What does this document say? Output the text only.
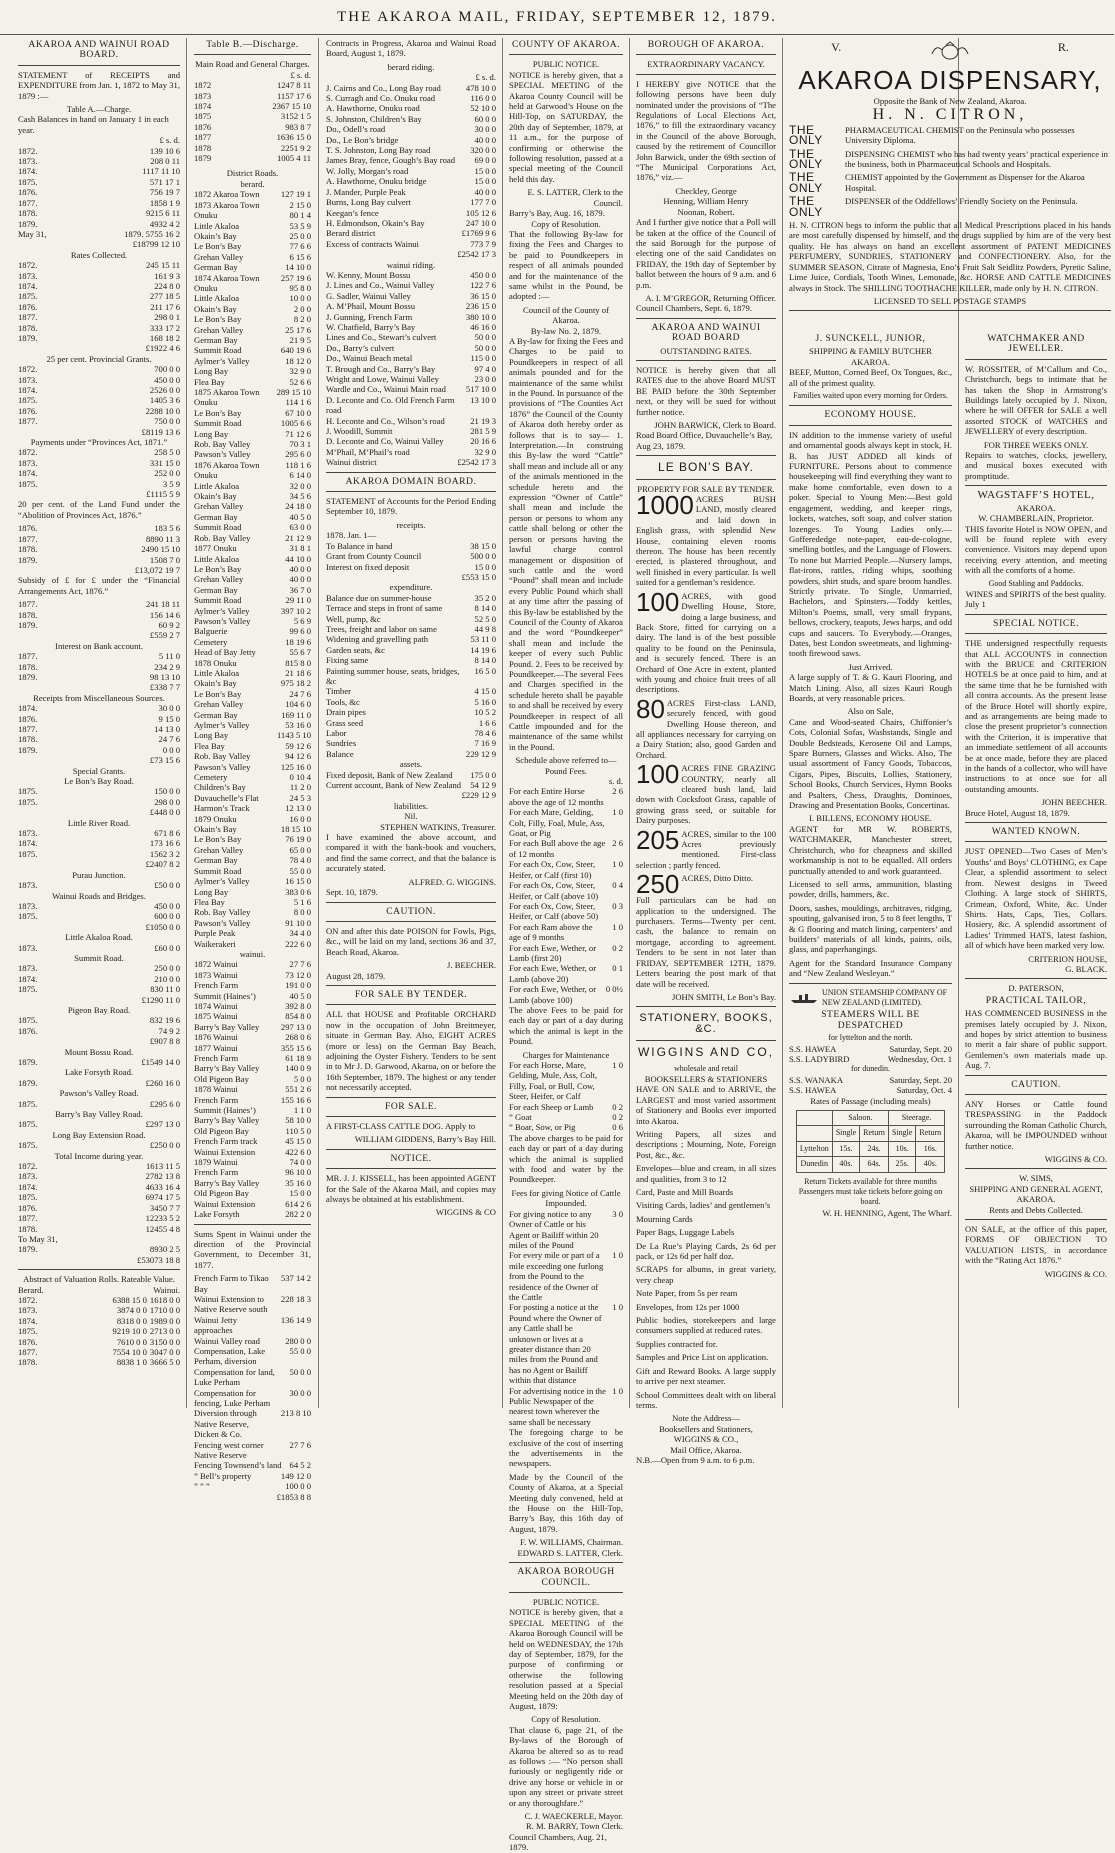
THE AKAROA MAIL, FRIDAY, SEPTEMBER 12, 1879.
AKAROA AND WAINUI ROAD BOARD.

STATEMENT of RECEIPTS and EXPENDITURE from Jan. 1, 1872 to May 31, 1879 :—

Table A.—Charge.
Cash Balances in hand on January 1 in each year.
£ s. d.
1872.	139 10 6
1873.	208 0 11
1874.	1117 11 10
1875.	571 17 1
1876.	756 19 7
1877.	1858 1 9
1878.	9215 6 11
1879.	4932 4 2
May 31,	1879. 5755 16 2
£18799 12 10
Rates Collected.
1872.	245 15 11
1873.	161 9 3
1874.	224 8 0
1875.	277 18 5
1876.	211 17 6
1877.	298 0 1
1878.	333 17 2
1879.	168 18 2
£1922 4 6
25 per cent. Provincial Grants.
1872.	700 0 0
1873.	450 0 0
1874.	2526 0 0
1875.	1405 3 6
1876.	2288 10 0
1877.	750 0 0
£8119 13 6
Payments under “Provinces Act, 1871.”
1872.	258 5 0
1873.	331 15 0
1874.	252 0 0
1875.	3 5 9
£1115 5 9

20 per cent. of the Land Fund under the “Abolition of Provinces Act, 1876.”

1876.	183 5 6
1877.	8890 11 3
1878.	2490 15 10
1879.	1508 7 0
£13,072 19 7

Subsidy of £ for £ under the “Financial Arrangements Act, 1876.”

1877.	241 18 11
1878.	156 14 6
1879.	60 9 2
£559 2 7
Interest on Bank account.
1877.	5 11 0
1878.	234 2 9
1879.	98 13 10
£338 7 7
Receipts from Miscellaneous Sources.
1874.	30 0 0
1876.	9 15 0
1877.	14 13 0
1878.	24 7 6
1879.	0 0 0
£73 15 6
Special Grants.
Le Bon’s Bay Road.
1875.	150 0 0
1875.	298 0 0
£448 0 0
Little River Road.
1873.	671 8 6
1874.	173 16 6
1875.	1562 3 2
£2407 8 2
Purau Junction.
1873.	£50 0 0
Wainui Roads and Bridges.
1873.	450 0 0
1875.	600 0 0
£1050 0 0
Little Akaloa Road.
1873.	£60 0 0
Summit Road.
1873.	250 0 0
1874.	210 0 0
1875.	830 11 0
£1290 11 0
Pigeon Bay Road.
1875.	832 19 6
1876.	74 9 2
£907 8 8
Mount Bossu Road.
1879.	£1549 14 0
Lake Forsyth Road.
1879.	£260 16 0
Pawson’s Valley Road.
1875.	£295 6 0
Barry’s Bay Valley Road.
1875.	£297 13 0
Long Bay Extension Road.
1875.	£250 0 0
Total Income during year.
1872.	1613 11 5
1873.	2782 13 8
1874.	4633 16 4
1875.	6974 17 5
1876.	3450 7 7
1877.	12233 5 2
1878.	12455 4 8
To May 31,
1879.	8930 2 5
£53073 18 8
Abstract of Valuation Rolls. Rateable Value.
Berard.	Wainui.
1872.	6388 15 0 1618 0 0
1873.	3874 0 0 1710 0 0
1874.	8318 0 0 1989 0 0
1875.	9219 10 0 2713 0 0
1876.	7610 0 0 3150 0 0
1877.	7554 10 0 3047 0 0
1878.	8838 1 0 3666 5 0
Table B.—Discharge.
Main Road and General Charges.
£ s. d.
1872	1247 8 11
1873	1157 17 6
1874	2367 15 10
1875	3152 1 5
1876	983 8 7
1877	1636 15 0
1878	2251 9 2
1879	1005 4 11
District Roads.
berard.
1872 Akaroa Town	127 19 1
1873 Akaroa Town	2 15 0
Onuku	80 1 4
Little Akaloa	53 5 9
Okain’s Bay	25 0 0
Le Bon’s Bay	77 6 6
Grehan Valley	6 15 6
German Bay	14 10 0
1874 Akaroa Town	257 19 6
Onuku	95 8 0
Little Akaloa	10 0 0
Okain’s Bay	2 0 0
Le Bon’s Bay	8 2 0
Grehan Valley	25 17 6
German Bay	21 9 5
Summit Road	640 19 6
Aylmer’s Valley	18 12 0
Long Bay	32 9 0
Flea Bay	52 6 6
1875 Akaroa Town	289 15 10
Onuku	114 1 6
Le Bon’s Bay	67 10 0
Summit Road	1005 6 6
Long Bay	71 12 6
Rob. Bay Valley	70 3 1
Pawson’s Valley	295 6 0
1876 Akaroa Town	118 1 6
Onuku	6 14 0
Little Akaloa	32 0 0
Okain’s Bay	34 5 6
Grehan Valley	24 18 0
German Bay	40 5 0
Summit Road	63 0 0
Rob. Bay Valley	21 12 9
1877 Onuku	31 8 1
Little Akaloa	44 10 0
Le Bon’s Bay	40 0 0
Grehan Valley	40 0 0
German Bay	36 7 0
Summit Road	29 11 0
Aylmer’s Valley	397 10 2
Pawson’s Valley	5 6 9
Balguerie	99 6 0
Cemetery	18 19 6
Head of Bay Jetty	55 6 7
1878 Onuku	815 8 0
Little Akaloa	21 18 6
Okain’s Bay	975 18 2
Le Bon’s Bay	24 7 6
Grehan Valley	104 6 0
German Bay	169 11 0
Aylmer’s Valley	53 16 0
Long Bay	1143 5 10
Flea Bay	59 12 6
Rob. Bay Valley	94 12 6
Pawson’s Valley	125 16 0
Cemetery	0 10 4
Children’s Bay	11 2 0
Duvauchelle’s Flat	24 5 3
Harmon’s Track	12 13 0
1879 Onuku	16 0 0
Okain’s Bay	18 15 10
Le Bon’s Bay	76 19 0
Grehan Valley	65 0 0
German Bay	78 4 0
Summit Road	55 0 0
Aylmer’s Valley	16 15 0
Long Bay	383 0 6
Flea Bay	5 1 6
Rob. Bay Valley	8 0 0
Pawson’s Valley	91 10 0
Purple Peak	34 4 0
Waikerakeri	222 6 0
wainui.
1872 Wainui	27 7 6
1873 Wainui	73 12 0
French Farm	191 0 0
Summit (Haines’)	40 5 0
1874 Wainui	392 8 0
1875 Wainui	854 8 0
Barry’s Bay Valley	297 13 0
1876 Wainui	268 0 6
1877 Wainui	355 15 6
French Farm	61 18 9
Barry’s Bay Valley	140 0 9
Old Pigeon Bay	5 0 0
1878 Wainui	551 2 6
French Farm	155 16 6
Summit (Haines’)	1 1 0
Barry’s Bay Valley	58 10 0
Old Pigeon Bay	110 5 0
French Farm track	45 15 0
Wainui Extension	422 6 0
1879 Wainui	74 0 0
French Farm	96 10 0
Barry’s Bay Valley	35 16 0
Old Pigeon Bay	15 0 0
Wainui Extension	614 2 6
Lake Forsyth	282 2 0

Sums Spent in Wainui under the direction of the Provincial Government, to December 31, 1877.

French Farm to Tikao Bay
537 14 2
Wainui Extension to Native Reserve south
228 18 3
Wainui Jetty approaches
136 14 9
Wainui Valley road	280 0 0
Compensation, Lake Perham, diversion
55 0 0
Compensation for land, Luke Perham
50 0 0
Compensation for fencing, Luke Perham
30 0 0
Diversion through Native Reserve, Dicken & Co.
213 8 10
Fencing west corner Native Reserve
27 7 6
Fencing Townsend’s land 64 5 2
” Bell’s property	149 12 0
” ” ”	100 0 0
£1853 8 8

Contracts in Progress, Akaroa and Wainui Road Board, August 1, 1879.

berard riding.
£ s. d.
J. Cairns and Co., Long Bay road	478 10 0
S. Curragh and Co. Onuku road	116 0 0
A. Hawthorne, Onuku road	52 10 0
S. Johnston, Children’s Bay	60 0 0
Do., Odell’s road	30 0 0
Do., Le Bon’s bridge	40 0 0
T. S. Johnston, Long Bay road	320 0 0
James Bray, fence, Gough’s Bay road	69 0 0
W. Jolly, Morgan’s road	15 0 0
A. Hawthorne, Onuku bridge	15 0 0
J. Mander, Purple Peak	40 0 0
Burns, Long Bay culvert	177 7 0
Keegan’s fence	105 12 6
H. Edmondson, Okain’s Bay	247 10 0
Berard district	£1769 9 6
Excess of contracts Wainui	773 7 9
£2542 17 3
wainui riding.
W. Kenny, Mount Bossu	450 0 0
J. Lines and Co., Wainui Valley	122 7 6
G. Sadler, Wainui Valley	36 15 0
A. M’Phail, Mount Bossu	236 15 0
J. Gunning, French Farm	380 10 0
W. Chatfield, Barry’s Bay	46 16 0
Lines and Co., Stewart’s culvert	50 0 0
Do., Barry’s culvert	50 0 0
Do., Wainui Beach metal	115 0 0
T. Brough and Co., Barry’s Bay	97 4 0
Wright and Lowe, Wainui Valley	23 0 0
Wardle and Co., Wainui Main road	517 10 0
D. Leconte and Co. Old French Farm road
13 10 0
H. Leconte and Co., Wilson’s road	21 19 3
J. Woodill, Summit	281 5 9
D. Leconte and Co, Wainui Valley	20 16 6
M’Phail, M’Phail’s road	32 9 0
Wainui district	£2542 17 3
AKAROA DOMAIN BOARD.

STATEMENT of Accounts for the Period Ending September 10, 1879.

receipts.
1878. Jan. 1—
To Balance in hand	38 15 0
Grant from County Council	500 0 0
Interest on fixed deposit	15 0 0
£553 15 0
expenditure.
Balance due on summer-house	35 2 0
Terrace and steps in front of same	8 14 0
Well, pump, &c	52 5 0
Trees, freight and labor on same	44 9 8
Widening and gravelling path	53 11 0
Garden seats, &c	14 19 6
Fixing same	8 14 0
Painting summer house, seats, bridges, &c
16 5 0
Timber	4 15 0
Tools, &c	5 16 0
Drain pipes	10 5 2
Grass seed	1 6 6
Labor	78 4 6
Sundries	7 16 9
Balance	229 12 9
assets.
Fixed deposit, Bank of New Zealand	175 0 0
Current account, Bank of New Zealand	54 12 9
£229 12 9
liabilities.
Nil.
STEPHEN WATKINS, Treasurer.

I have examined the above account, and compared it with the bank-book and vouchers, and find the same correct, and that the balance is accurately stated.

ALFRED. G. WIGGINS.
Sept. 10, 1879.
CAUTION.

ON and after this date POISON for Fowls, Pigs, &c., will be laid on my land, sections 36 and 37, Beach Road, Akaroa.

J. BEECHER.
August 28, 1879.
FOR SALE BY TENDER.

ALL that HOUSE and Profitable ORCHARD now in the occupation of John Breitmeyer, situate in German Bay. Also, EIGHT ACRES (more or less) on the German Bay Beach, adjoining the Oyster Fishery. Tenders to be sent in to Mr J. D. Garwood, Akaroa, on or before the 16th September, 1879. The highest or any tender not necessarily accepted.

FOR SALE.

A FIRST-CLASS CATTLE DOG. Apply to

WILLIAM GIDDENS, Barry’s Bay Hill.
NOTICE.

MR. J. J. KISSELL, has been appointed AGENT for the Sale of the Akaroa Mail, and copies may always be obtained at his establishment.

WIGGINS & CO
COUNTY OF AKAROA.
PUBLIC NOTICE.

NOTICE is hereby given, that a SPECIAL MEETING of the Akaroa County Council will be held at Garwood’s House on the Hill-Top, on SATURDAY, the 20th day of September, 1879, at 11 a.m., for the purpose of confirming or otherwise the following resolution, passed at a special meeting of the Council held this day.

E. S. LATTER, Clerk to the Council.
Barry’s Bay, Aug. 16, 1879.
Copy of Resolution.

That the following By-law for fixing the Fees and Charges to be paid to Poundkeepers in respect of all animals pounded and for the maintenance of the same whilst in the Pound, be adopted :—

Council of the County of Akaroa.
By-law No. 2, 1879.

A By-law for fixing the Fees and Charges to be paid to Poundkeepers in respect of all animals pounded and for the maintenance of the same whilst in the Pound. In pursuance of the provisions of “The Counties Act 1876” the Council of the County of Akaroa doth hereby order as follows that is to say— 1. Interpretation.—In construing this By-law the word “Cattle” shall mean and include all or any of the animals mentioned in the schedule hereto and the expression “Owner of Cattle” shall mean and include the person or persons to whom any cattle shall belong or other the person or persons having the lawful charge control management or disposition of such cattle and the word “Pound” shall mean and include every Public Pound which shall at any time after the passing of this By-law be established by the Council of the County of Akaroa and the word “Poundkeeper” shall mean and include the keeper of every such Public Pound. 2. Fees to be received by Poundkeeper.—The several Fees and Charges specified in the schedule hereto shall be payable to and shall be received by every Poundkeeper in respect of all Cattle impounded and for the maintenance of the same whilst in the Pound.

Schedule above referred to—
Pound Fees.
s. d.
For each Entire Horse above the age of 12 months
2 6
For each Mare, Gelding, Colt, Filly, Foal, Mule, Ass, Goat, or Pig
1 0
For each Bull above the age of 12 months
2 6
For each Ox, Cow, Steer, Heifer, or Calf (first 10)
1 0
For each Ox, Cow, Steer, Heifer, or Calf (above 10)
0 4
For each Ox, Cow, Steer, Heifer, or Calf (above 50)
0 3
For each Ram above the age of 9 months
1 0
For each Ewe, Wether, or Lamb (first 20)
0 2
For each Ewe, Wether, or Lamb (above 20)
0 1
For each Ewe, Wether, or Lamb (above 100)
0 0½

The above Fees to be paid for each day or part of a day during which the animal is kept in the Pound.

Charges for Maintenance
For each Horse, Mare, Gelding, Mule, Ass, Colt, Filly, Foal, or Bull, Cow, Steer, Heifer, or Calf
1 0
For each Sheep or Lamb	0 2
” Goat	0 2
” Boar, Sow, or Pig	0 6

The above charges to be paid for each day or part of a day during which the animal is supplied with food and water by the Poundkeeper.

Fees for giving Notice of Cattle Impounded.
For giving notice to any Owner of Cattle or his Agent or Bailiff within 20 miles of the Pound
3 0
For every mile or part of a mile exceeding one furlong from the Pound to the residence of the Owner of the Cattle
1 0
For posting a notice at the Pound where the Owner of any Cattle shall be unknown or lives at a greater distance than 20 miles from the Pound and has no Agent or Bailiff within that distance
1 0
For advertising notice in the Public Newspaper of the nearest town wherever the same shall be necessary
1 0

The foregoing charge to be exclusive of the cost of inserting the advertisements in the newspapers.

Made by the Council of the County of Akaroa, at a Special Meeting duly convened, held at the House on the Hill-Top, Barry’s Bay, this 16th day of August, 1879.

F. W. WILLIAMS, Chairman.
EDWARD S. LATTER, Clerk.
AKAROA BOROUGH COUNCIL.
PUBLIC NOTICE.

NOTICE is hereby given, that a SPECIAL MEETING of the Akaroa Borough Council will be held on WEDNESDAY, the 17th day of September, 1879, for the purpose of confirming or otherwise the following resolution passed at a Special Meeting held on the 20th day of August, 1879:

Copy of Resolution.

That clause 6, page 21, of the By-laws of the Borough of Akaroa be altered so as to read as follows :— “No person shall furiously or negligently ride or drive any horse or vehicle in or upon any street or private street or any thoroughfare.”

C. J. WAECKERLE, Mayor.
R. M. BARRY, Town Clerk.
Council Chambers, Aug. 21, 1879.
BOROUGH OF AKAROA.
EXTRAORDINARY VACANCY.

I HEREBY give NOTICE that the following persons have been duly nominated under the provisions of “The Regulations of Local Elections Act, 1876,” to fill the extraordinary vacancy in the Council of the above Borough, caused by the retirement of Councillor John Barwick, under the 69th section of “The Municipal Corporations Act, 1876,” viz.—

Checkley, George
Henning, William Henry
Noonan, Robert.

And I further give notice that a Poll will be taken at the office of the Council of the said Borough for the purpose of electing one of the said Candidates on FRIDAY, the 19th day of September by ballot between the hours of 9 a.m. and 6 p.m.

A. I. M’GREGOR, Returning Officer.
Council Chambers, Sept. 6, 1879.
AKAROA AND WAINUI ROAD BOARD
OUTSTANDING RATES.

NOTICE is hereby given that all RATES due to the above Board MUST BE PAID before the 30th September next, or they will be sued for without further notice.

JOHN BARWICK, Clerk to Board.
Road Board Office, Duvauchelle’s Bay, Aug 23, 1879.
LE BON’S BAY.
PROPERTY FOR SALE BY TENDER.

1000 ACRES BUSH LAND, mostly cleared and laid down in English grass, with splendid New House, containing eleven rooms thereon. The house has been recently erected, is plastered throughout, and well finished in every particular. Is well suited for a gentleman’s residence.

100 ACRES, with good Dwelling House, Store, doing a large business, and Back Store, fitted for carrying on a dairy. The land is of the best possible quality to be found on the Peninsula, and is securely fenced. There is an Orchard of One Acre in extent, planted with young and choice fruit trees of all descriptions.

80 ACRES First-class LAND, securely fenced, with good Dwelling House thereon, and all appliances necessary for carrying on a Dairy Station; also, good Garden and Orchard.

100 ACRES FINE GRAZING COUNTRY, nearly all cleared bush land, laid down with Cocksfoot Grass, capable of growing grass seed, or suitable for Dairy purposes.

205 ACRES, similar to the 100 Acres previously mentioned. First-class selection ; partly fenced.

250 ACRES, Ditto Ditto.

Full particulars can be had on application to the undersigned. The purchasers. Terms—Twenty per cent. cash, the balance to remain on mortgage, according to agreement. Tenders to be sent in not later than FRIDAY, SEPTEMBER 12TH, 1879. Letters bearing the post mark of that date will be received.

JOHN SMITH, Le Bon’s Bay.
STATIONERY, BOOKS, &C.
WIGGINS AND CO,
wholesale and retail
BOOKSELLERS & STATIONERS

HAVE ON SALE and to ARRIVE, the LARGEST and most varied assortment of Stationery and Books ever imported into Akaroa.

Writing Papers, all sizes and descriptions ; Mourning, Note, Foreign Post, &c., &c.

Envelopes—blue and cream, in all sizes and qualities, from 3 to 12

Card, Paste and Mill Boards

Visiting Cards, ladies’ and gentlemen’s

Mourning Cards

Paper Bags, Luggage Labels

De La Rue’s Playing Cards, 2s 6d per pack, or 12s 6d per half doz.

SCRAPS for albums, in great variety, very cheap

Note Paper, from 5s per ream

Envelopes, from 12s per 1000

Public bodies, storekeepers and large consumers supplied at reduced rates.

Supplies contracted for.

Samples and Price List on application.

Gift and Reward Books. A large supply to arrive per next steamer.

School Committees dealt with on liberal terms.

Note the Address—
Booksellers and Stationers,
WIGGINS & CO.,
Mail Office, Akaroa.
N.B.—Open from 9 a.m. to 6 p.m.
V.	R.
AKAROA DISPENSARY,
Opposite the Bank of New Zealand, Akaroa.
H. N. CITRON,
THE ONLY
PHARMACEUTICAL CHEMIST on the Peninsula who possesses University Diploma.
THE ONLY
DISPENSING CHEMIST who has had twenty years’ practical experience in the business, both in Pharmaceutical Schools and Hospitals.
THE ONLY
CHEMIST appointed by the Government as Dispenser for the Akaroa Hospital.
THE ONLY
DISPENSER of the Oddfellows’ Friendly Society on the Peninsula.

H. N. CITRON begs to inform the public that all Medical Prescriptions placed in his hands are most carefully dispensed by himself, and the drugs supplied by him are of the very best quality. He has always on hand an excellent assortment of PATENT MEDICINES PERFUMERY, SUNDRIES, STATIONERY and CONFECTIONERY. Also, for the SUMMER SEASON, Citrate of Magnesia, Eno’s Fruit Salt Seidlitz Powders, Pyretic Saline, Lime Juice, Cordials, Tooth Wines, Lemonade, &c. HORSE AND CATTLE MEDICINES always in Stock. The SHILLING TOOTHACHE KILLER, made only by H. N. CITRON.

LICENSED TO SELL POSTAGE STAMPS
J. SUNCKELL, JUNIOR,
SHIPPING & FAMILY BUTCHER
AKAROA.

BEEF, Mutton, Corned Beef, Ox Tongues, &c., all of the primest quality.

Families waited upon every morning for Orders.
ECONOMY HOUSE.

IN addition to the immense variety of useful and ornamental goods always kept in stock, H. B. has JUST ADDED all kinds of FURNITURE. Persons about to commence housekeeping will find everything they want to make home comfortable, even down to a poker. Special to Young Men:—Best gold engagement, wedding, and keeper rings, lockets, watches, soft soap, and colver station lozenges. To Young Ladies only.—Gofferededge note-paper, eau-de-cologne, smelling bottles, and the Language of Flowers. To none but Married People.—Nursery lamps, flat-irons, rattles, riding whips, soothing powders, shirt studs, and spare broom handles. Strictly private. To Single, Unmarried, Bachelors, and Spinsters.—Toddy kettles, Milton’s Poems, small, very small frypans, bellows, crockery, teapots, Jews harps, and odd cups and saucers. To Everybody.—Oranges, Dates, best London sweetmeats, and lightning-tooth firewood saws.

Just Arrived.

A large supply of T. & G. Kauri Flooring, and Match Lining. Also, all sizes Kauri Rough Boards, at very reasonable prices.

Also on Sale,

Cane and Wood-seated Chairs, Chiffonier’s Cots, Colonial Sofas, Washstands, Single and Double Bedsteads, Kerosene Oil and Lamps, Spare Burners, Glasses and Wicks. Also, The usual assortment of Fancy Goods, Tobaccos, Cigars, Pipes, Biscuits, Lollies, Stationery, School Books, Church Services, Hymn Books and Psalters, Chess, Draughts, Dominoes, Drawing and Presentation Books, Concertinas.

I. BILLENS, ECONOMY HOUSE.

AGENT for MR W. ROBERTS, WATCHMAKER, Manchester street, Christchurch, who for cheapness and skilled workmanship is not to be equalled. All orders punctually attended to and work guaranteed.

Licensed to sell arms, ammunition, blasting powder, drills, hammers, &c.

Doors, sashes, mouldings, architraves, ridging, spouting, galvanised iron, 5 to 8 feet lengths, T & G flooring and match lining, carpenters’ and builders’ materials of all kinds, paints, oils, glass, and paperhangings.

Agent for the Standard Insurance Company and “New Zealand Wesleyan.”

UNION STEAMSHIP COMPANY OF NEW ZEALAND (LIMITED).
STEAMERS WILL BE DESPATCHED
for lyttelton and the north.
S.S. HAWEA	Saturday, Sept. 20
S.S. LADYBIRD	Wednesday, Oct. 1
for dunedin.
S.S. WANAKA	Saturday, Sept. 20
S.S. HAWEA	Saturday, Oct. 4
Rates of Passage (including meals)
	Saloon.		Steerage.	
	Single	Return	Single	Return
Lyttelton	15s.	24s.	10s.	16s.
Dunedin	40s.	64s.	25s.	40s.
Return Tickets available for three months
Passengers must take tickets before going on board.
W. H. HENNING, Agent, The Wharf.
WATCHMAKER AND JEWELLER.

W. ROSSITER, of M’Callum and Co., Christchurch, begs to intimate that he has taken the Shop in Armstrong’s Buildings lately occupied by J. Nixon, where he will OFFER for SALE a well assorted STOCK of WATCHES and JEWELLERY of every description.

FOR THREE WEEKS ONLY.

Repairs to watches, clocks, jewellery, and musical boxes executed with promptitude.

WAGSTAFF’S HOTEL,
AKAROA.
W. CHAMBERLAIN, Proprietor.

THIS favorite Hotel is NOW OPEN, and will be found replete with every convenience. Visitors may depend upon receiving every attention, and meeting with all the comforts of a home.

Good Stabling and Paddocks.
WINES and SPIRITS of the best quality.
July 1
SPECIAL NOTICE.

THE undersigned respectfully requests that ALL ACCOUNTS in connection with the BRUCE and CRITERION HOTELS be at once paid to him, and at the same time that he be furnished with all contra accounts. As the present lease of the Bruce Hotel will shortly expire, and as arrangements are being made to close the present proprietor’s connection with the Criterion, it is imperative that an immediate settlement of all accounts be at once made, before they are placed in the hands of a collector, who will have instructions to at once sue for all outstanding amounts.

JOHN BEECHER.
Bruce Hotel, August 18, 1879.
WANTED KNOWN.

JUST OPENED—Two Cases of Men’s Youths’ and Boys’ CLOTHING, ex Cape Clear, a splendid assortment to select from. Newest designs in Tweed Clothing. A large stock of SHIRTS, Crimean, Oxford, White, &c. Under Shirts. Hats, Caps, Ties, Collars. Hosiery, &c. A splendid assortment of Ladies’ Trimmed HATS, latest fashion, all of which have been marked very low.

CRITERION HOUSE,
G. BLACK.
D. PATERSON,
PRACTICAL TAILOR,

HAS COMMENCED BUSINESS in the premises lately occupied by J. Nixon, and hopes by strict attention to business to merit a fair share of public support. Gentlemen’s own materials made up. Aug. 7.

CAUTION.

ANY Horses or Cattle found TRESPASSING in the Paddock surrounding the Roman Catholic Church, Akaroa, will be IMPOUNDED without further notice.

WIGGINS & CO.
W. SIMS,
SHIPPING AND GENERAL AGENT, AKAROA.
Rents and Debts Collected.

ON SALE, at the office of this paper, FORMS OF OBJECTION TO VALUATION LISTS, in accordance with the “Rating Act 1876.”

WIGGINS & CO.
